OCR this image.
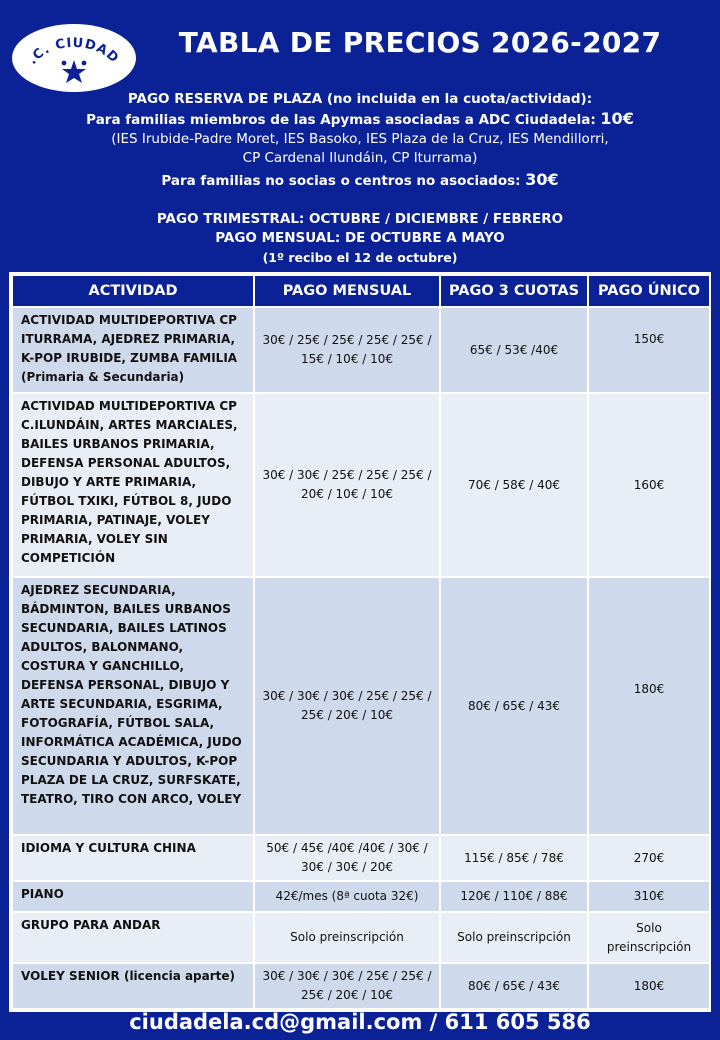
.C. CIUDAD	TABLA DE PRECIOS 2026-2027
PAGO RESERVA DE PLAZA (no incluida en la cuota/actividad):
Para familias miembros de las Apymas asociadas a ADC Ciudadela: 10€
(IES Irubide-Padre Moret, IES Basoko, IES Plaza de la Cruz, IES Mendillorri,
CP Cardenal Ilundáin, CP Iturrama)
Para familias no socias o centros no asociados: 30€
PAGO TRIMESTRAL: OCTUBRE / DICIEMBRE / FEBRERO
PAGO MENSUAL: DE OCTUBRE A MAYO
(1º recibo el 12 de octubre)
ACTIVIDAD	PAGO MENSUAL	PAGO 3 CUOTAS	PAGO ÚNICO
ACTIVIDAD MULTIDEPORTIVA CP ITURRAMA, AJEDREZ PRIMARIA, K-POP IRUBIDE, ZUMBA FAMILIA (Primaria & Secundaria)	30€ / 25€ / 25€ / 25€ / 25€ / 15€ / 10€ / 10€	65€ / 53€ /40€	150€
ACTIVIDAD MULTIDEPORTIVA CP C.ILUNDÁIN, ARTES MARCIALES, BAILES URBANOS PRIMARIA, DEFENSA PERSONAL ADULTOS, DIBUJO Y ARTE PRIMARIA, FÚTBOL TXIKI, FÚTBOL 8, JUDO PRIMARIA, PATINAJE, VOLEY PRIMARIA, VOLEY SIN COMPETICIÓN	30€ / 30€ / 25€ / 25€ / 25€ / 20€ / 10€ / 10€	70€ / 58€ / 40€	160€
AJEDREZ SECUNDARIA, BÁDMINTON, BAILES URBANOS SECUNDARIA, BAILES LATINOS ADULTOS, BALONMANO, COSTURA Y GANCHILLO, DEFENSA PERSONAL, DIBUJO Y ARTE SECUNDARIA, ESGRIMA, FOTOGRAFÍA, FÚTBOL SALA, INFORMÁTICA ACADÉMICA, JUDO SECUNDARIA Y ADULTOS, K-POP PLAZA DE LA CRUZ, SURFSKATE, TEATRO, TIRO CON ARCO, VOLEY	30€ / 30€ / 30€ / 25€ / 25€ / 25€ / 20€ / 10€	80€ / 65€ / 43€	180€
IDIOMA Y CULTURA CHINA	50€ / 45€ /40€ /40€ / 30€ / 30€ / 30€ / 20€	115€ / 85€ / 78€	270€
PIANO	42€/mes (8ª cuota 32€)	120€ / 110€ / 88€	310€
GRUPO PARA ANDAR	Solo preinscripción	Solo preinscripción	Solo preinscripción
VOLEY SENIOR (licencia aparte)	30€ / 30€ / 30€ / 25€ / 25€ / 25€ / 20€ / 10€	80€ / 65€ / 43€	180€
ciudadela.cd@gmail.com / 611 605 586
